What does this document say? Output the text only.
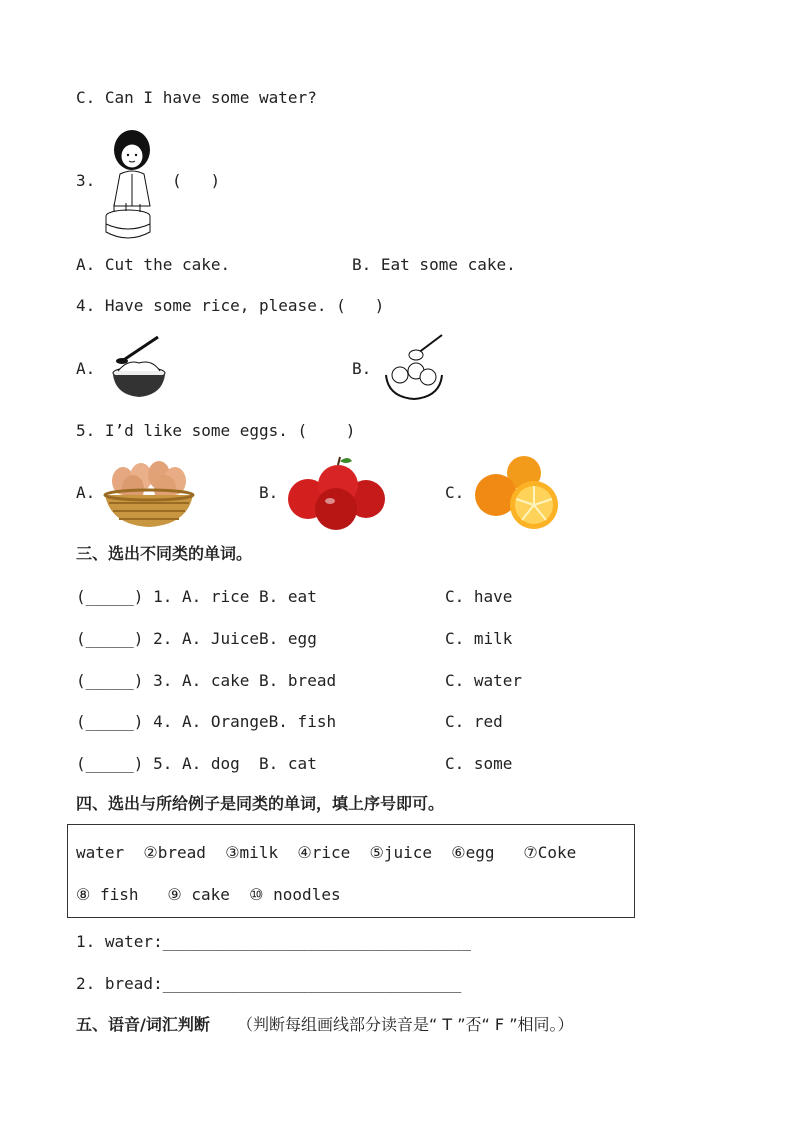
C. Can I have some water?
3.	(   )
A. Cut the cake.	B. Eat some cake.
4. Have some rice, please. (   )
A.	B.
5. I’d like some eggs. (    )
A.	B.	C.
三、选出不同类的单词。
(_____) 1. A. rice B. eat	C. have
(_____) 2. A. JuiceB. egg	C. milk
(_____) 3. A. cake B. bread	C. water
(_____) 4. A. OrangeB. fish	C. red
(_____) 5. A. dog  B. cat	C. some
四、选出与所给例子是同类的单词，填上序号即可。
water  ②bread  ③milk  ④rice  ⑤juice  ⑥egg   ⑦Coke
⑧ fish   ⑨ cake  ⑩ noodles
1. water:________________________________
2. bread:_______________________________
五、语音/词汇判断 （判断每组画线部分读音是“ T ”否“ F ”相同。）
